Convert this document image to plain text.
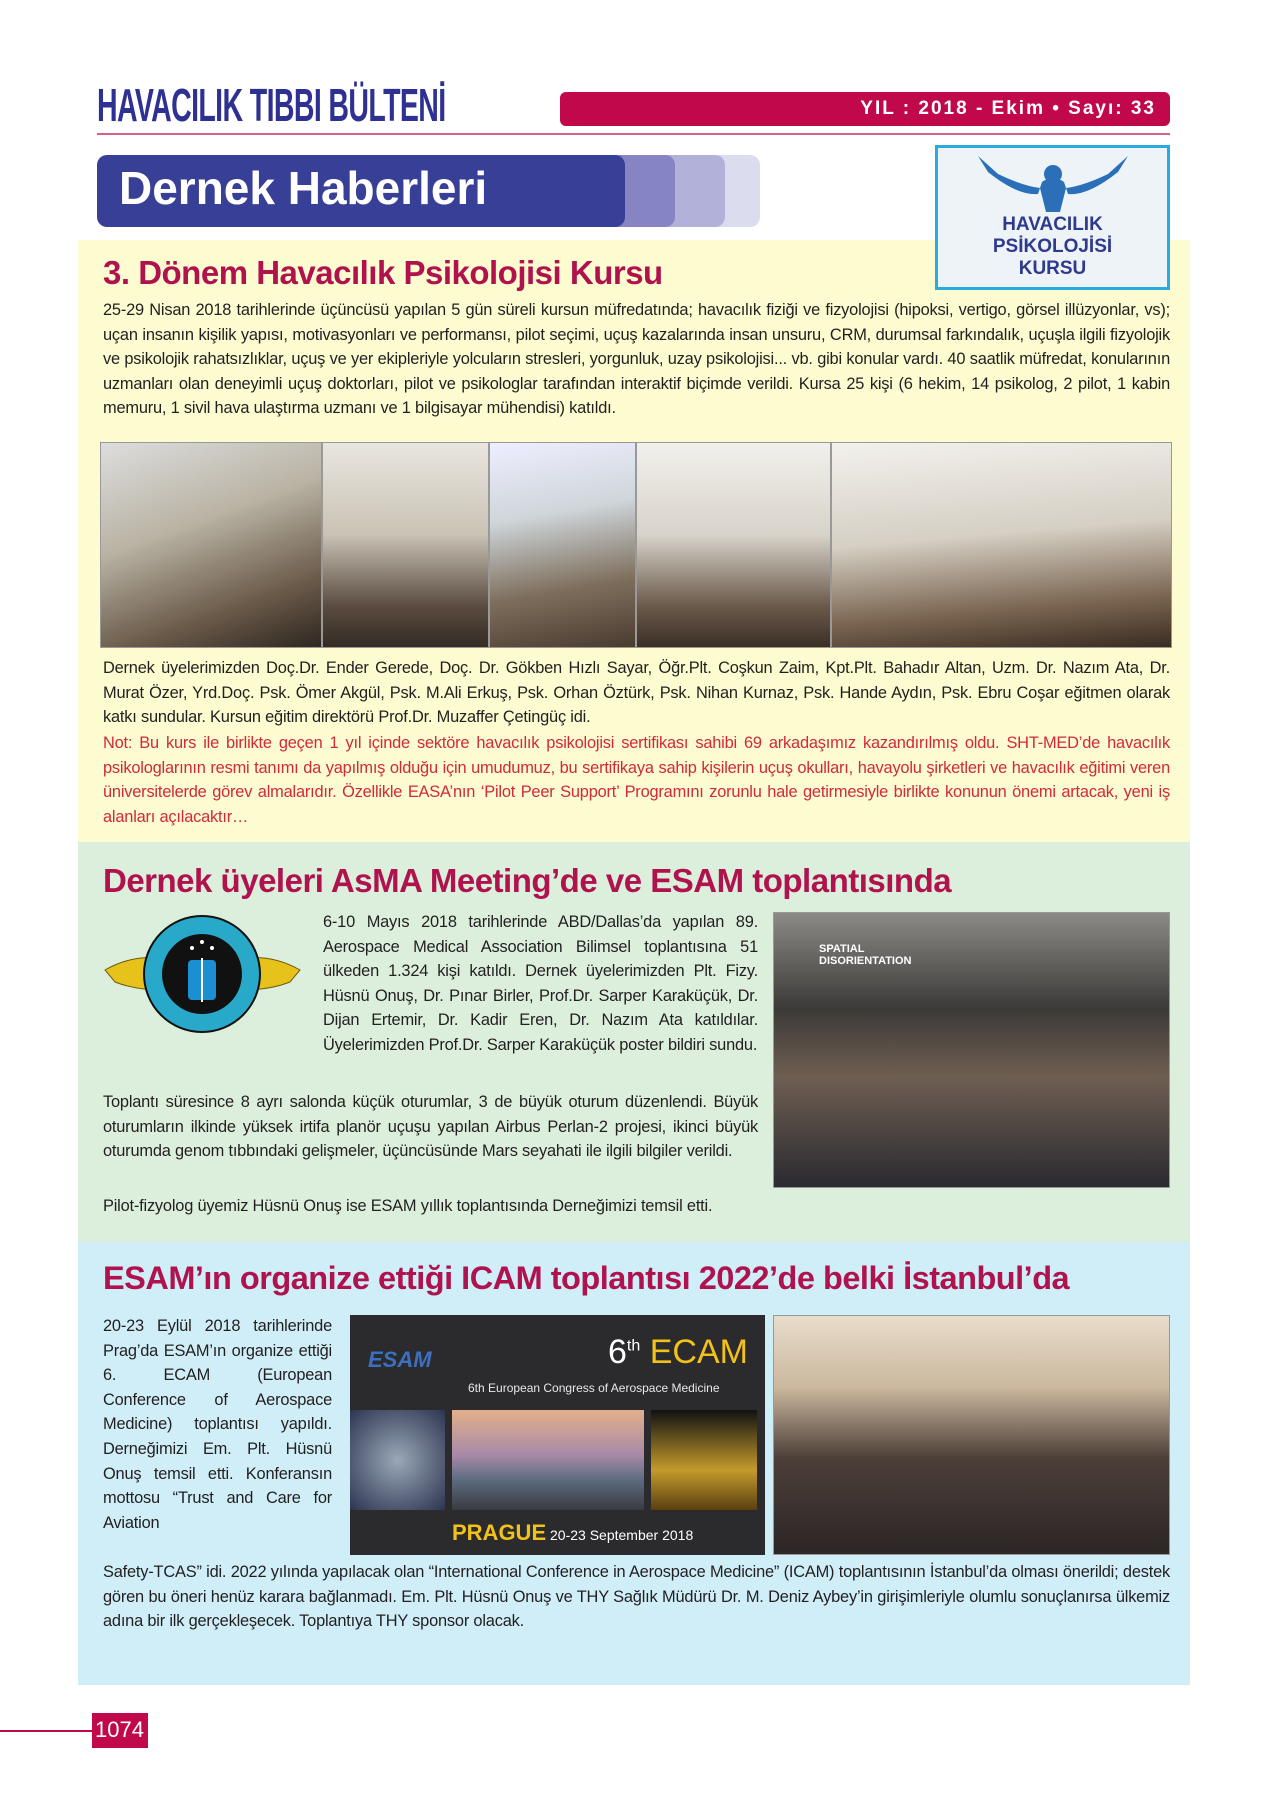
HAVACILIK TIBBI BÜLTENİ	YIL : 2018 - Ekim • Sayı: 33
Dernek Haberleri
HAVACILIK
PSİKOLOJİSİ
KURSU
3. Dönem Havacılık Psikolojisi Kursu

25-29 Nisan 2018 tarihlerinde üçüncüsü yapılan 5 gün süreli kursun müfredatında; havacılık fiziği ve fizyolojisi (hipoksi, vertigo, görsel illüzyonlar, vs); uçan insanın kişilik yapısı, motivasyonları ve performansı, pilot seçimi, uçuş kazalarında insan unsuru, CRM, durumsal farkındalık, uçuşla ilgili fizyolojik ve psikolojik rahatsızlıklar, uçuş ve yer ekipleriyle yolcuların stresleri, yorgunluk, uzay psikolojisi... vb. gibi konular vardı. 40 saatlik müfredat, konularının uzmanları olan deneyimli uçuş doktorları, pilot ve psikologlar tarafından interaktif biçimde verildi. Kursa 25 kişi (6 hekim, 14 psikolog, 2 pilot, 1 kabin memuru, 1 sivil hava ulaştırma uzmanı ve 1 bilgisayar mühendisi) katıldı.

Dernek üyelerimizden Doç.Dr. Ender Gerede, Doç. Dr. Gökben Hızlı Sayar, Öğr.Plt. Coşkun Zaim, Kpt.Plt. Bahadır Altan, Uzm. Dr. Nazım Ata, Dr. Murat Özer, Yrd.Doç. Psk. Ömer Akgül, Psk. M.Ali Erkuş, Psk. Orhan Öztürk, Psk. Nihan Kurnaz, Psk. Hande Aydın, Psk. Ebru Coşar eğitmen olarak katkı sundular. Kursun eğitim direktörü Prof.Dr. Muzaffer Çetingüç idi.

Not: Bu kurs ile birlikte geçen 1 yıl içinde sektöre havacılık psikolojisi sertifikası sahibi 69 arkadaşımız kazandırılmış oldu. SHT-MED’de havacılık psikologlarının resmi tanımı da yapılmış olduğu için umudumuz, bu sertifikaya sahip kişilerin uçuş okulları, havayolu şirketleri ve havacılık eğitimi veren üniversitelerde görev almalarıdır. Özellikle EASA’nın ‘Pilot Peer Support’ Programını zorunlu hale getirmesiyle birlikte konunun önemi artacak, yeni iş alanları açılacaktır…

Dernek üyeleri AsMA Meeting’de ve ESAM toplantısında

6-10 Mayıs 2018 tarihlerinde ABD/Dallas’da yapılan 89. Aerospace Medical Association Bilimsel toplantısına 51 ülkeden 1.324 kişi katıldı. Dernek üyelerimizden Plt. Fizy. Hüsnü Onuş, Dr. Pınar Birler, Prof.Dr. Sarper Karaküçük, Dr. Dijan Ertemir, Dr. Kadir Eren, Dr. Nazım Ata katıldılar. Üyelerimizden Prof.Dr. Sarper Karaküçük poster bildiri sundu.

SPATIAL
DISORIENTATION

Toplantı süresince 8 ayrı salonda küçük oturumlar, 3 de büyük oturum düzenlendi. Büyük oturumların ilkinde yüksek irtifa planör uçuşu yapılan Airbus Perlan-2 projesi, ikinci büyük oturumda genom tıbbındaki gelişmeler, üçüncüsünde Mars seyahati ile ilgili bilgiler verildi.

Pilot-fizyolog üyemiz Hüsnü Onuş ise ESAM yıllık toplantısında Derneğimizi temsil etti.

ESAM’ın organize ettiği ICAM toplantısı 2022’de belki İstanbul’da

20-23 Eylül 2018 tarihlerinde Prag’da ESAM’ın organize ettiği 6. ECAM (European Conference of Aerospace Medicine) toplantısı yapıldı. Derneğimizi Em. Plt. Hüsnü Onuş temsil etti. Konferansın mottosu “Trust and Care for Aviation

ESAM	6th ECAM
6th European Congress of Aerospace Medicine
PRAGUE 20-23 September 2018

Safety-TCAS” idi. 2022 yılında yapılacak olan “International Conference in Aerospace Medicine” (ICAM) toplantısının İstanbul’da olması önerildi; destek gören bu öneri henüz karara bağlanmadı. Em. Plt. Hüsnü Onuş ve THY Sağlık Müdürü Dr. M. Deniz Aybey’in girişimleriyle olumlu sonuçlanırsa ülkemiz adına bir ilk gerçekleşecek. Toplantıya THY sponsor olacak.

1074
